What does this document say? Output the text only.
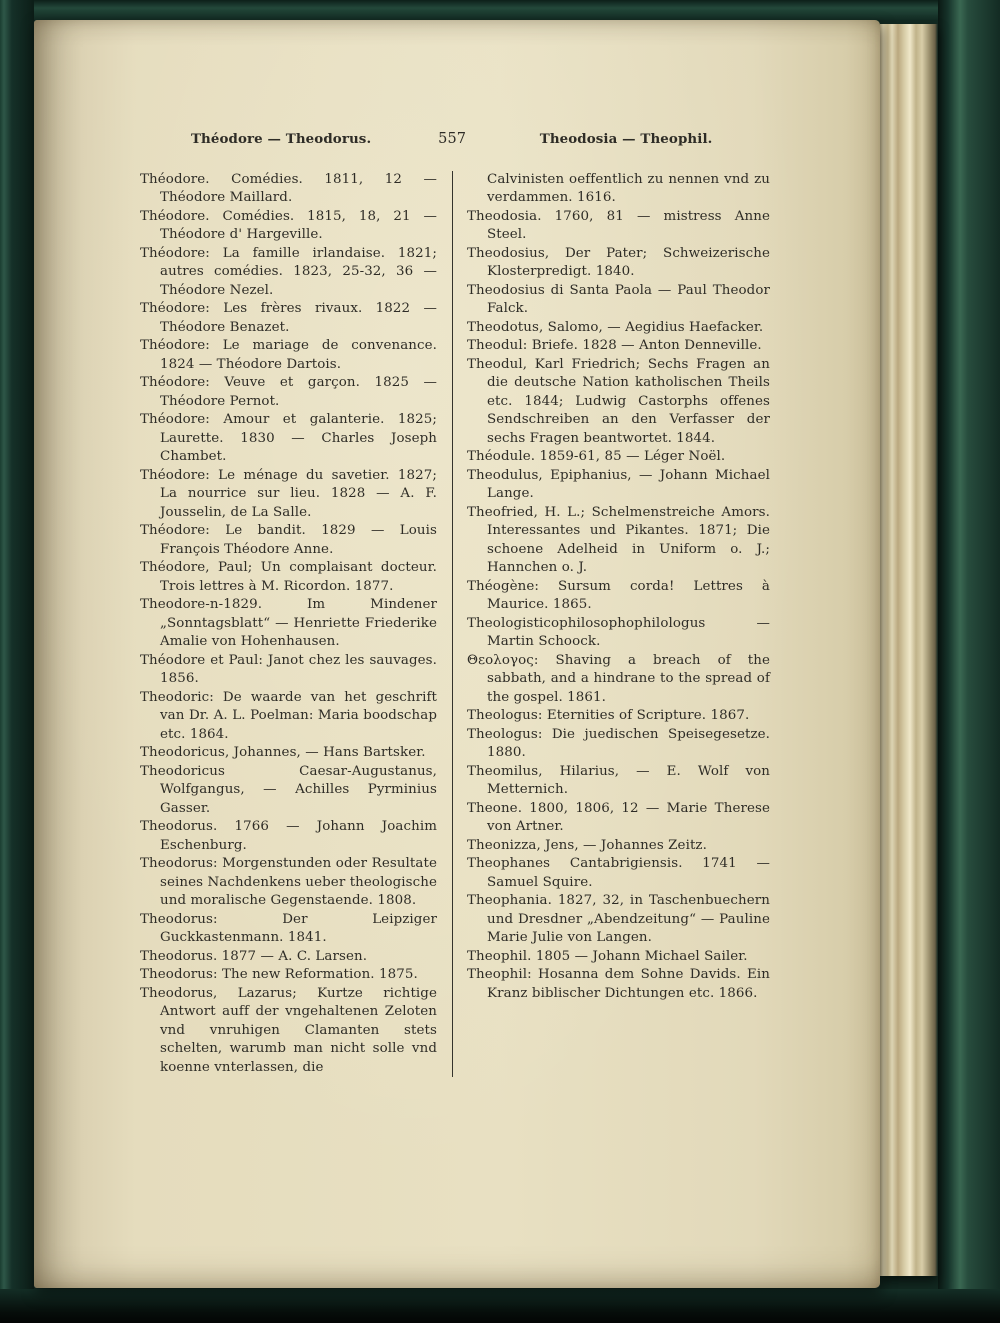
Théodore — Theodorus.	557	Theodosia — Theophil.

Théodore. Comédies. 1811, 12 — Théodore Maillard.

Théodore. Comédies. 1815, 18, 21 — Théodore d' Hargeville.

Théodore: La famille irlandaise. 1821; autres comédies. 1823, 25-32, 36 — Théodore Nezel.

Théodore: Les frères rivaux. 1822 — Théodore Benazet.

Théodore: Le mariage de convenance. 1824 — Théodore Dartois.

Théodore: Veuve et garçon. 1825 — Théodore Pernot.

Théodore: Amour et galanterie. 1825; Laurette. 1830 — Charles Joseph Chambet.

Théodore: Le ménage du savetier. 1827; La nourrice sur lieu. 1828 — A. F. Jousselin, de La Salle.

Théodore: Le bandit. 1829 — Louis François Théodore Anne.

Théodore, Paul; Un complaisant docteur. Trois lettres à M. Ricordon. 1877.

Theodore-n-1829. Im Mindener „Sonntagsblatt“ — Henriette Friederike Amalie von Hohenhausen.

Théodore et Paul: Janot chez les sauvages. 1856.

Theodoric: De waarde van het geschrift van Dr. A. L. Poelman: Maria boodschap etc. 1864.

Theodoricus, Johannes, — Hans Bartsker.

Theodoricus Caesar-Augustanus, Wolfgangus, — Achilles Pyrminius Gasser.

Theodorus. 1766 — Johann Joachim Eschenburg.

Theodorus: Morgenstunden oder Resultate seines Nachdenkens ueber theologische und moralische Gegenstaende. 1808.

Theodorus: Der Leipziger Guckkastenmann. 1841.

Theodorus. 1877 — A. C. Larsen.

Theodorus: The new Reformation. 1875.

Theodorus, Lazarus; Kurtze richtige Antwort auff der vngehaltenen Zeloten vnd vnruhigen Clamanten stets schelten, warumb man nicht solle vnd koenne vnterlassen, die

Calvinisten oeffentlich zu nennen vnd zu verdammen. 1616.

Theodosia. 1760, 81 — mistress Anne Steel.

Theodosius, Der Pater; Schweizerische Klosterpredigt. 1840.

Theodosius di Santa Paola — Paul Theodor Falck.

Theodotus, Salomo, — Aegidius Haefacker.

Theodul: Briefe. 1828 — Anton Denneville.

Theodul, Karl Friedrich; Sechs Fragen an die deutsche Nation katholischen Theils etc. 1844; Ludwig Castorphs offenes Sendschreiben an den Verfasser der sechs Fragen beantwortet. 1844.

Théodule. 1859-61, 85 — Léger Noël.

Theodulus, Epiphanius, — Johann Michael Lange.

Theofried, H. L.; Schelmenstreiche Amors. Interessantes und Pikantes. 1871; Die schoene Adelheid in Uniform o. J.; Hannchen o. J.

Théogène: Sursum corda! Lettres à Maurice. 1865.

Theologisticophilosophophilologus — Martin Schoock.

Θεολογος: Shaving a breach of the sabbath, and a hindrane to the spread of the gospel. 1861.

Theologus: Eternities of Scripture. 1867.

Theologus: Die juedischen Speisegesetze. 1880.

Theomilus, Hilarius, — E. Wolf von Metternich.

Theone. 1800, 1806, 12 — Marie Therese von Artner.

Theonizza, Jens, — Johannes Zeitz.

Theophanes Cantabrigiensis. 1741 — Samuel Squire.

Theophania. 1827, 32, in Taschenbuechern und Dresdner „Abendzeitung“ — Pauline Marie Julie von Langen.

Theophil. 1805 — Johann Michael Sailer.

Theophil: Hosanna dem Sohne Davids. Ein Kranz biblischer Dichtungen etc. 1866.
